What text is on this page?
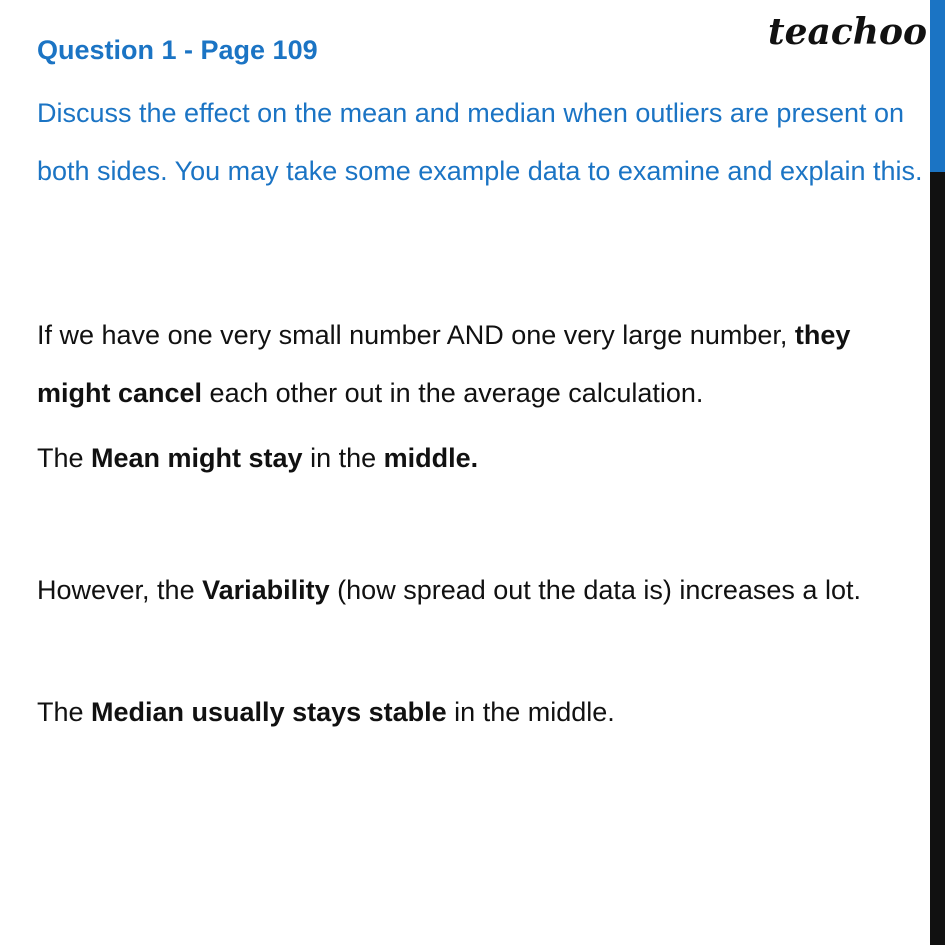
teachoo
Question 1 - Page 109
Discuss the effect on the mean and median when outliers are present on both sides. You may take some example data to examine and explain this.
If we have one very small number AND one very large number, they might cancel each other out in the average calculation.
The Mean might stay in the middle.
However, the Variability (how spread out the data is) increases a lot.
The Median usually stays stable in the middle.
